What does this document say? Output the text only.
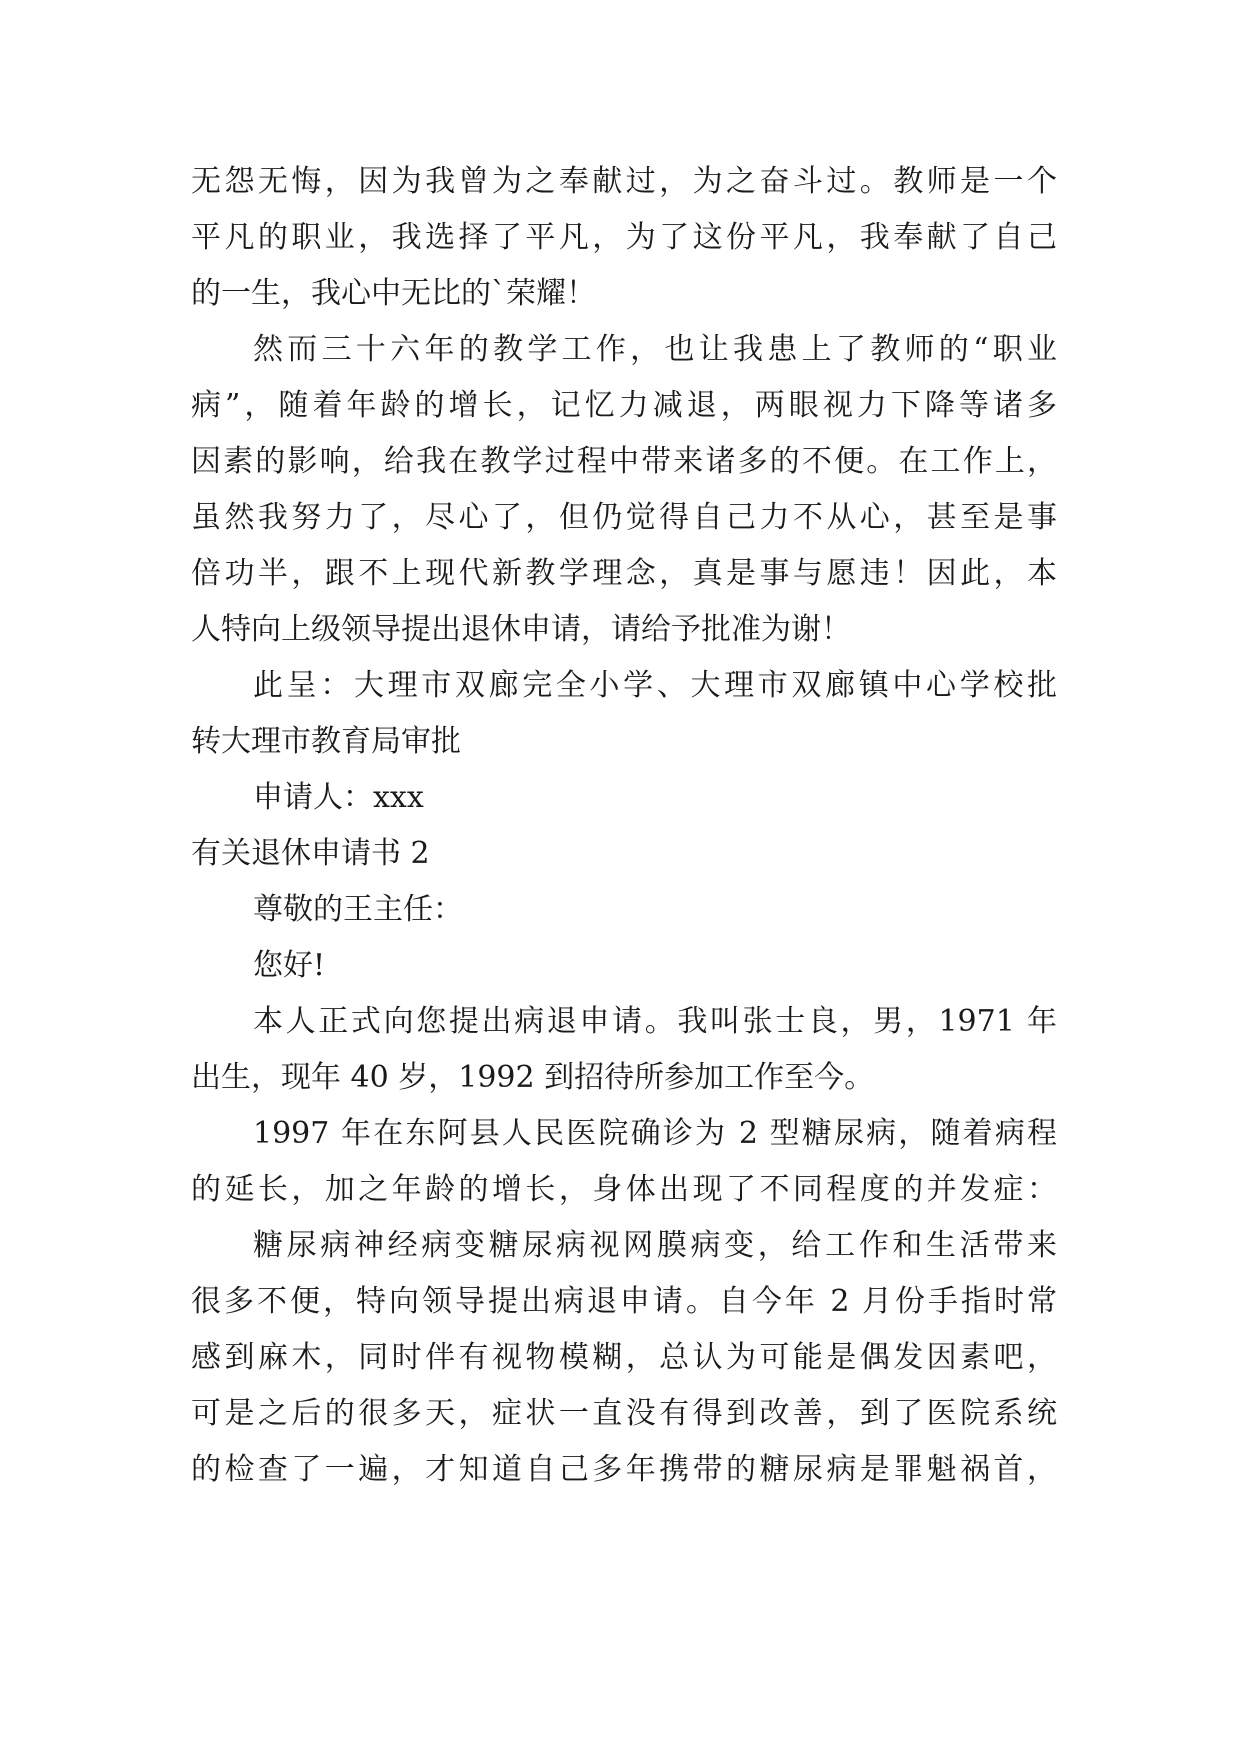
无怨无悔，因为我曾为之奉献过，为之奋斗过。教师是一个
平凡的职业，我选择了平凡，为了这份平凡，我奉献了自己
的一生，我心中无比的`荣耀！
然而三十六年的教学工作，也让我患上了教师的“职业
病”，随着年龄的增长，记忆力减退，两眼视力下降等诸多
因素的影响，给我在教学过程中带来诸多的不便。在工作上，
虽然我努力了，尽心了，但仍觉得自己力不从心，甚至是事
倍功半，跟不上现代新教学理念，真是事与愿违！因此，本
人特向上级领导提出退休申请，请给予批准为谢！
此呈：大理市双廊完全小学、大理市双廊镇中心学校批
转大理市教育局审批
申请人：xxx
有关退休申请书 2
尊敬的王主任：
您好!
本人正式向您提出病退申请。我叫张士良，男，1971 年
出生，现年 40 岁，1992 到招待所参加工作至今。
1997 年在东阿县人民医院确诊为 2 型糖尿病，随着病程
的延长，加之年龄的增长，身体出现了不同程度的并发症：
糖尿病神经病变糖尿病视网膜病变，给工作和生活带来
很多不便，特向领导提出病退申请。自今年 2 月份手指时常
感到麻木，同时伴有视物模糊，总认为可能是偶发因素吧，
可是之后的很多天，症状一直没有得到改善，到了医院系统
的检查了一遍，才知道自己多年携带的糖尿病是罪魁祸首，
